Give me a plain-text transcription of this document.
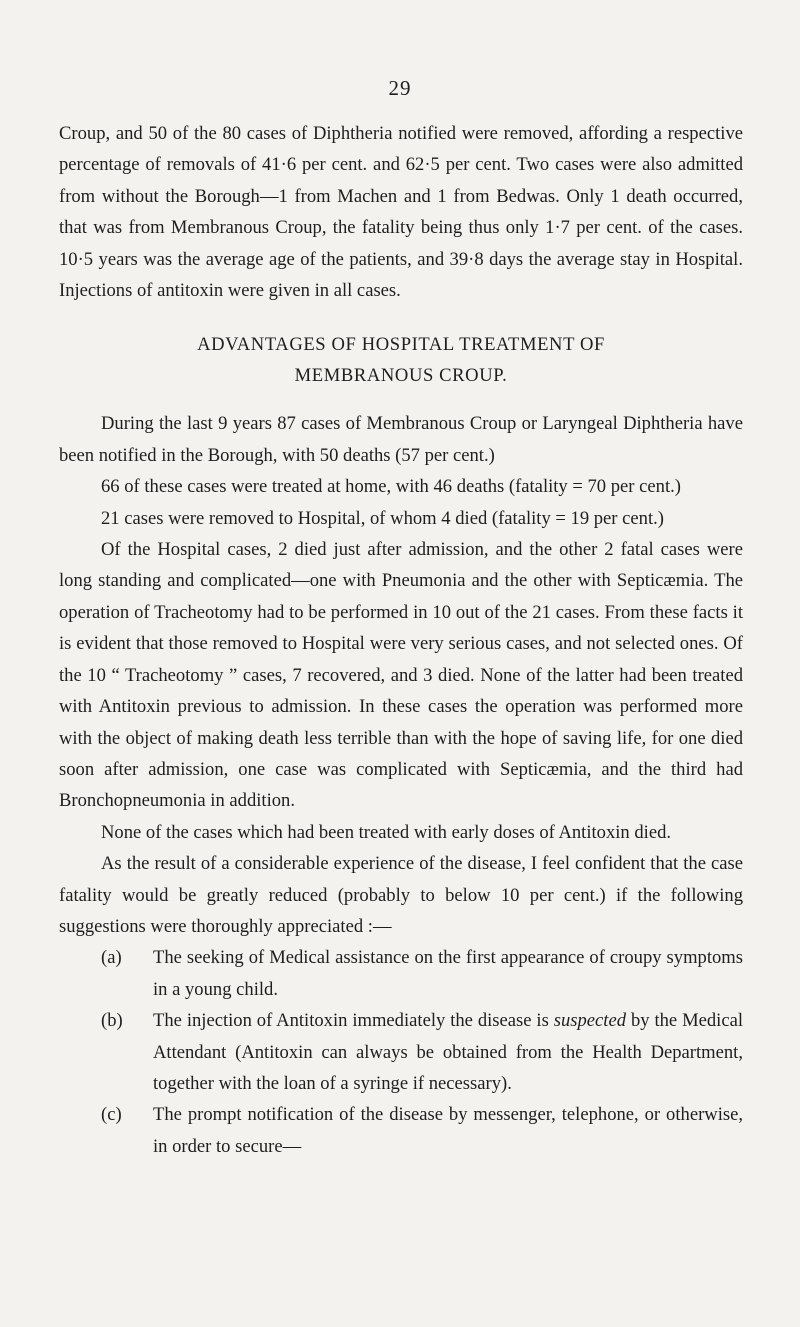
29

Croup, and 50 of the 80 cases of Diphtheria notified were removed, affording a respective percentage of removals of 41·6 per cent. and 62·5 per cent. Two cases were also admitted from without the Borough—1 from Machen and 1 from Bedwas. Only 1 death occurred, that was from Membranous Croup, the fatality being thus only 1·7 per cent. of the cases. 10·5 years was the average age of the patients, and 39·8 days the average stay in Hospital. Injections of antitoxin were given in all cases.

ADVANTAGES OF HOSPITAL TREATMENT OF
MEMBRANOUS CROUP.

During the last 9 years 87 cases of Membranous Croup or Laryngeal Diphtheria have been notified in the Borough, with 50 deaths (57 per cent.)

66 of these cases were treated at home, with 46 deaths (fatality = 70 per cent.)

21 cases were removed to Hospital, of whom 4 died (fatality = 19 per cent.)

Of the Hospital cases, 2 died just after admission, and the other 2 fatal cases were long standing and complicated—one with Pneumonia and the other with Septicæmia. The operation of Tracheotomy had to be performed in 10 out of the 21 cases. From these facts it is evident that those removed to Hospital were very serious cases, and not selected ones. Of the 10 “ Tracheotomy ” cases, 7 recovered, and 3 died. None of the latter had been treated with Antitoxin previous to admission. In these cases the operation was performed more with the object of making death less terrible than with the hope of saving life, for one died soon after admission, one case was complicated with Septicæmia, and the third had Bronchopneumonia in addition.

None of the cases which had been treated with early doses of Antitoxin died.

As the result of a considerable experience of the disease, I feel confident that the case fatality would be greatly reduced (probably to below 10 per cent.) if the following suggestions were thoroughly appreciated :—

(a) The seeking of Medical assistance on the first appearance of croupy symptoms in a young child.
(b) The injection of Antitoxin immediately the disease is suspected by the Medical Attendant (Antitoxin can always be obtained from the Health Department, together with the loan of a syringe if necessary).
(c) The prompt notification of the disease by messenger, telephone, or otherwise, in order to secure—
